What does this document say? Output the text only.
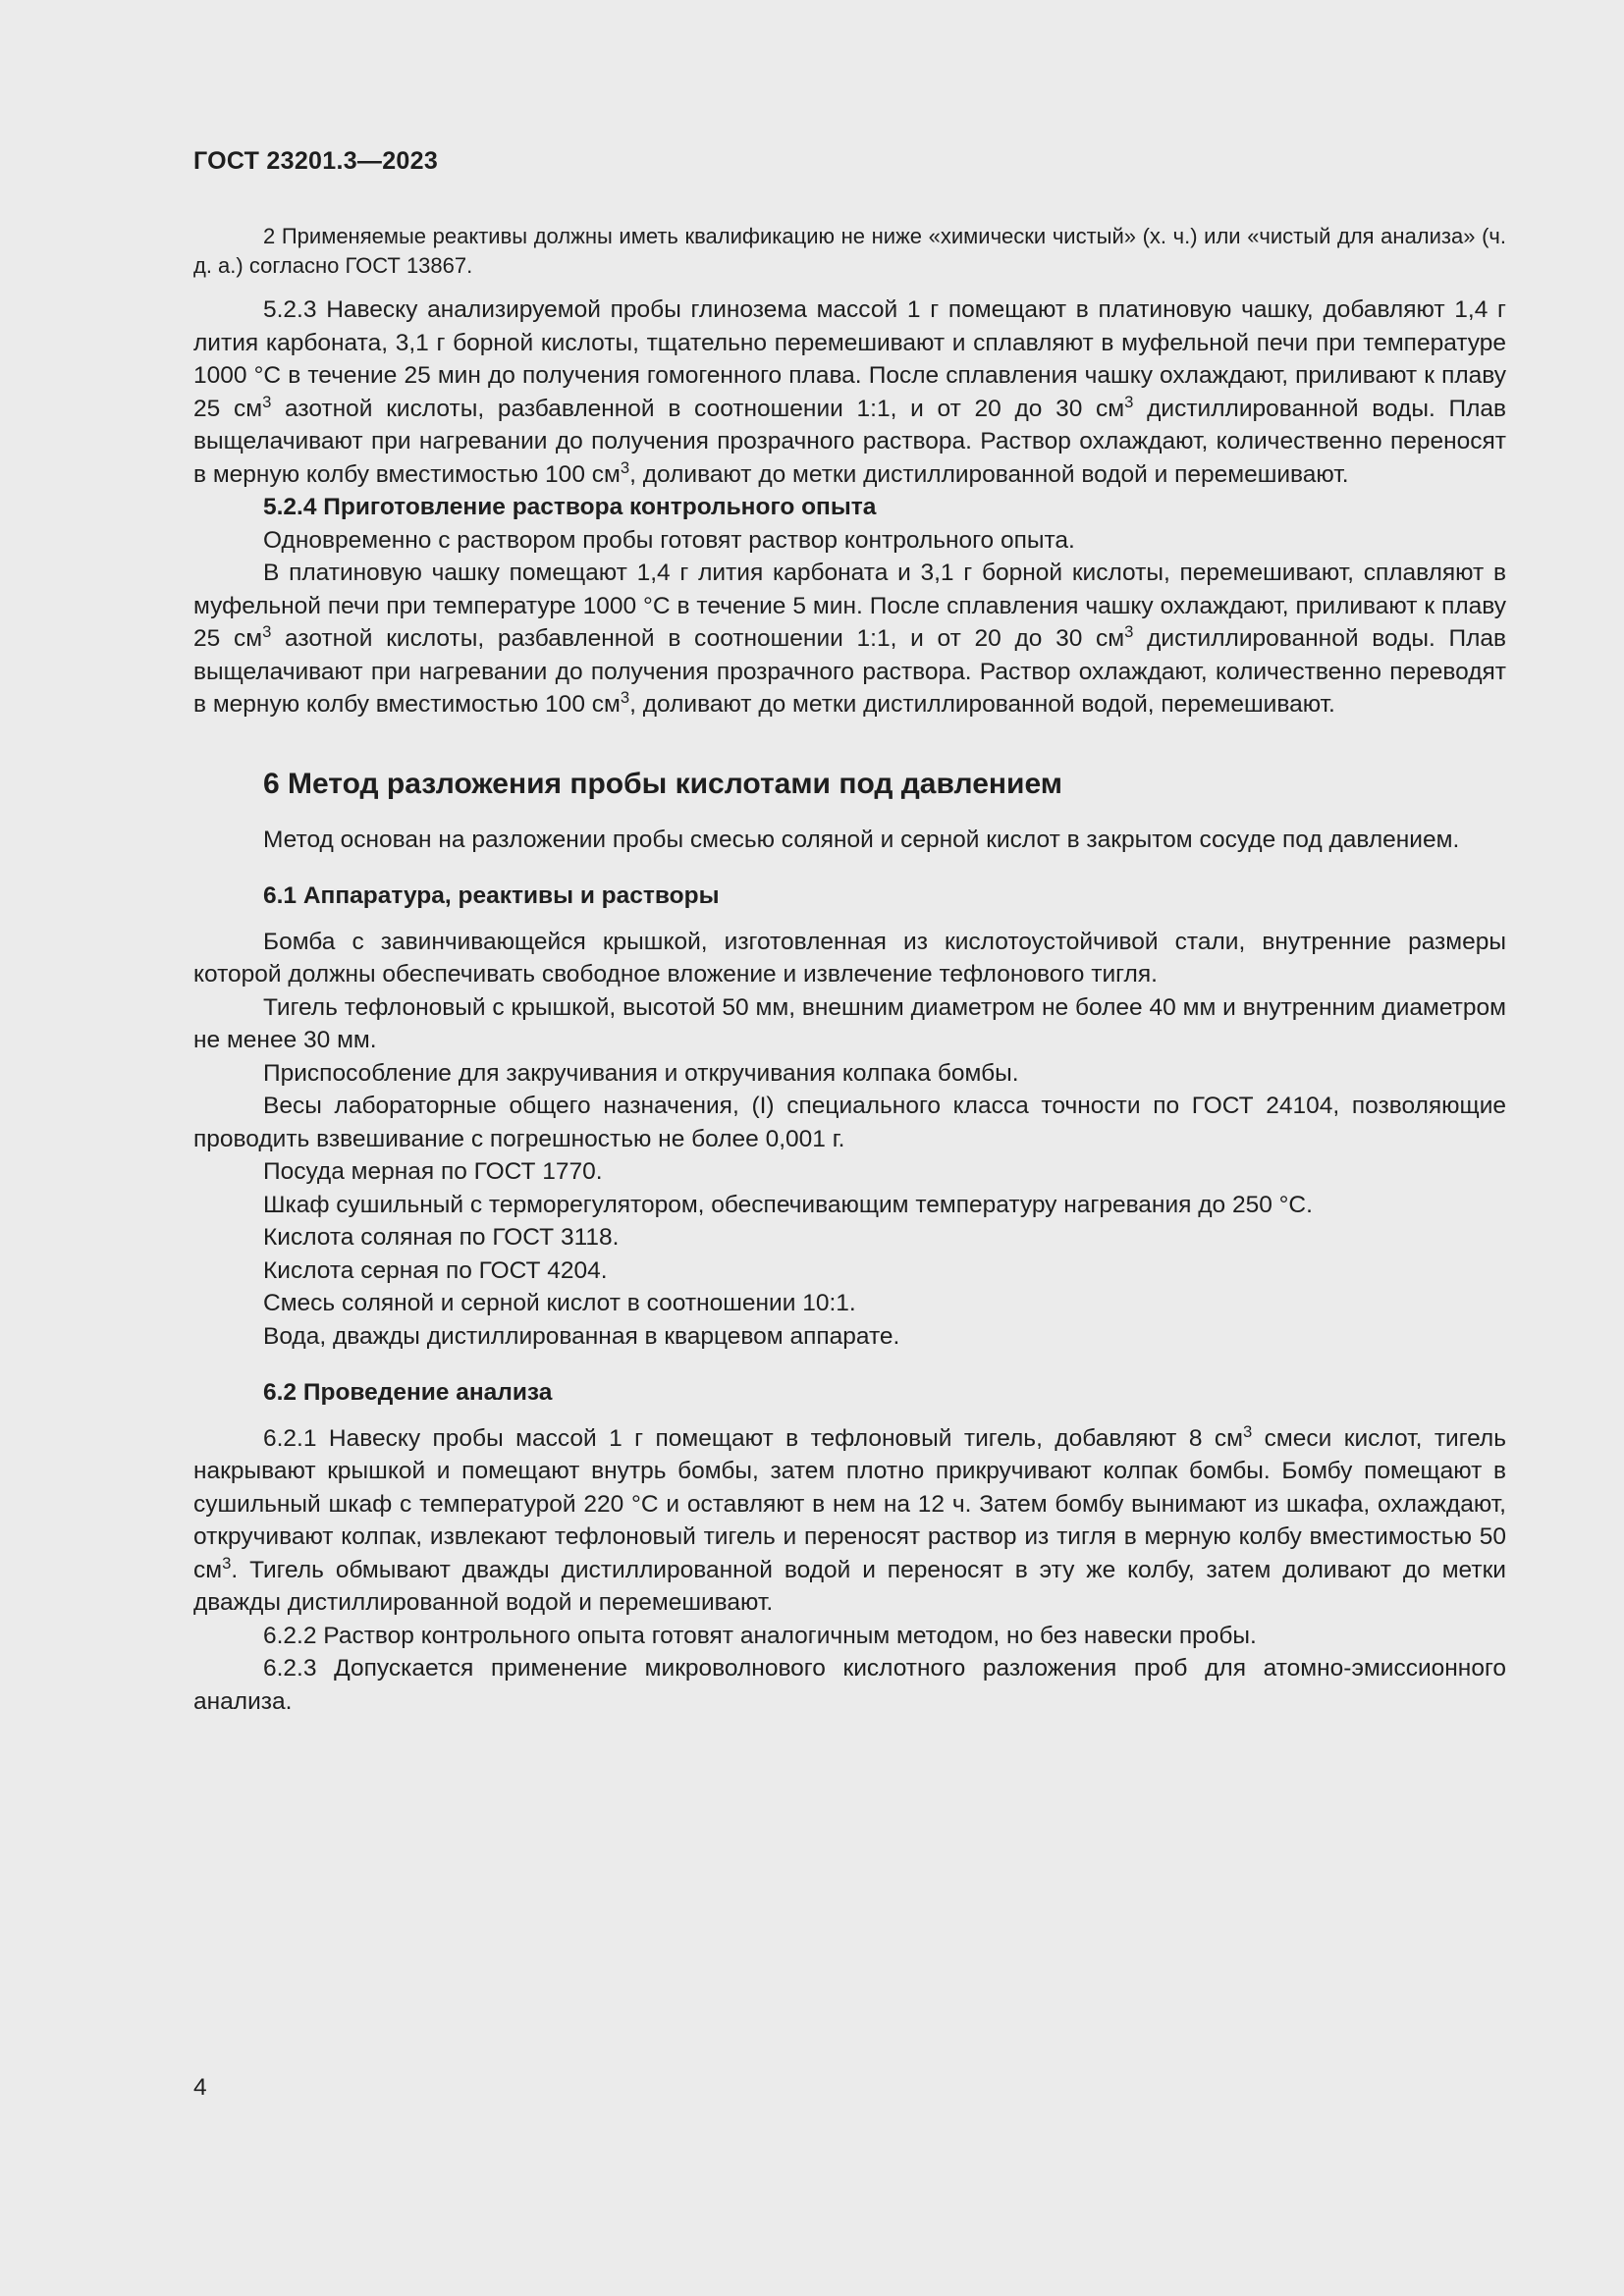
ГОСТ 23201.3—2023

2 Применяемые реактивы должны иметь квалификацию не ниже «химически чистый» (х. ч.) или «чистый для анализа» (ч. д. а.) согласно ГОСТ 13867.

5.2.3 Навеску анализируемой пробы глинозема массой 1 г помещают в платиновую чашку, добавляют 1,4 г лития карбоната, 3,1 г борной кислоты, тщательно перемешивают и сплавляют в муфельной печи при температуре 1000 °С в течение 25 мин до получения гомогенного плава. После сплавления чашку охлаждают, приливают к плаву 25 $см^3$ азотной кислоты, разбавленной в соотношении 1:1, и от 20 до 30 $см^3$ дистиллированной воды. Плав выщелачивают при нагревании до получения прозрачного раствора. Раствор охлаждают, количественно переносят в мерную колбу вместимостью 100 $см^3$, доливают до метки дистиллированной водой и перемешивают.

5.2.4 Приготовление раствора контрольного опыта

Одновременно с раствором пробы готовят раствор контрольного опыта.

В платиновую чашку помещают 1,4 г лития карбоната и 3,1 г борной кислоты, перемешивают, сплавляют в муфельной печи при температуре 1000 °С в течение 5 мин. После сплавления чашку охлаждают, приливают к плаву 25 $см^3$ азотной кислоты, разбавленной в соотношении 1:1, и от 20 до 30 $см^3$ дистиллированной воды. Плав выщелачивают при нагревании до получения прозрачного раствора. Раствор охлаждают, количественно переводят в мерную колбу вместимостью 100 $см^3$, доливают до метки дистиллированной водой, перемешивают.

6 Метод разложения пробы кислотами под давлением

Метод основан на разложении пробы смесью соляной и серной кислот в закрытом сосуде под давлением.

6.1 Аппаратура, реактивы и растворы

Бомба с завинчивающейся крышкой, изготовленная из кислотоустойчивой стали, внутренние размеры которой должны обеспечивать свободное вложение и извлечение тефлонового тигля.

Тигель тефлоновый с крышкой, высотой 50 мм, внешним диаметром не более 40 мм и внутренним диаметром не менее 30 мм.

Приспособление для закручивания и откручивания колпака бомбы.

Весы лабораторные общего назначения, (I) специального класса точности по ГОСТ 24104, позволяющие проводить взвешивание с погрешностью не более 0,001 г.

Посуда мерная по ГОСТ 1770.

Шкаф сушильный с терморегулятором, обеспечивающим температуру нагревания до 250 °С.

Кислота соляная по ГОСТ 3118.

Кислота серная по ГОСТ 4204.

Смесь соляной и серной кислот в соотношении 10:1.

Вода, дважды дистиллированная в кварцевом аппарате.

6.2 Проведение анализа

6.2.1 Навеску пробы массой 1 г помещают в тефлоновый тигель, добавляют 8 $см^3$ смеси кислот, тигель накрывают крышкой и помещают внутрь бомбы, затем плотно прикручивают колпак бомбы. Бомбу помещают в сушильный шкаф с температурой 220 °С и оставляют в нем на 12 ч. Затем бомбу вынимают из шкафа, охлаждают, откручивают колпак, извлекают тефлоновый тигель и переносят раствор из тигля в мерную колбу вместимостью 50 $см^3$. Тигель обмывают дважды дистиллированной водой и переносят в эту же колбу, затем доливают до метки дважды дистиллированной водой и перемешивают.

6.2.2 Раствор контрольного опыта готовят аналогичным методом, но без навески пробы.

6.2.3 Допускается применение микроволнового кислотного разложения проб для атомно-эмиссионного анализа.

4
